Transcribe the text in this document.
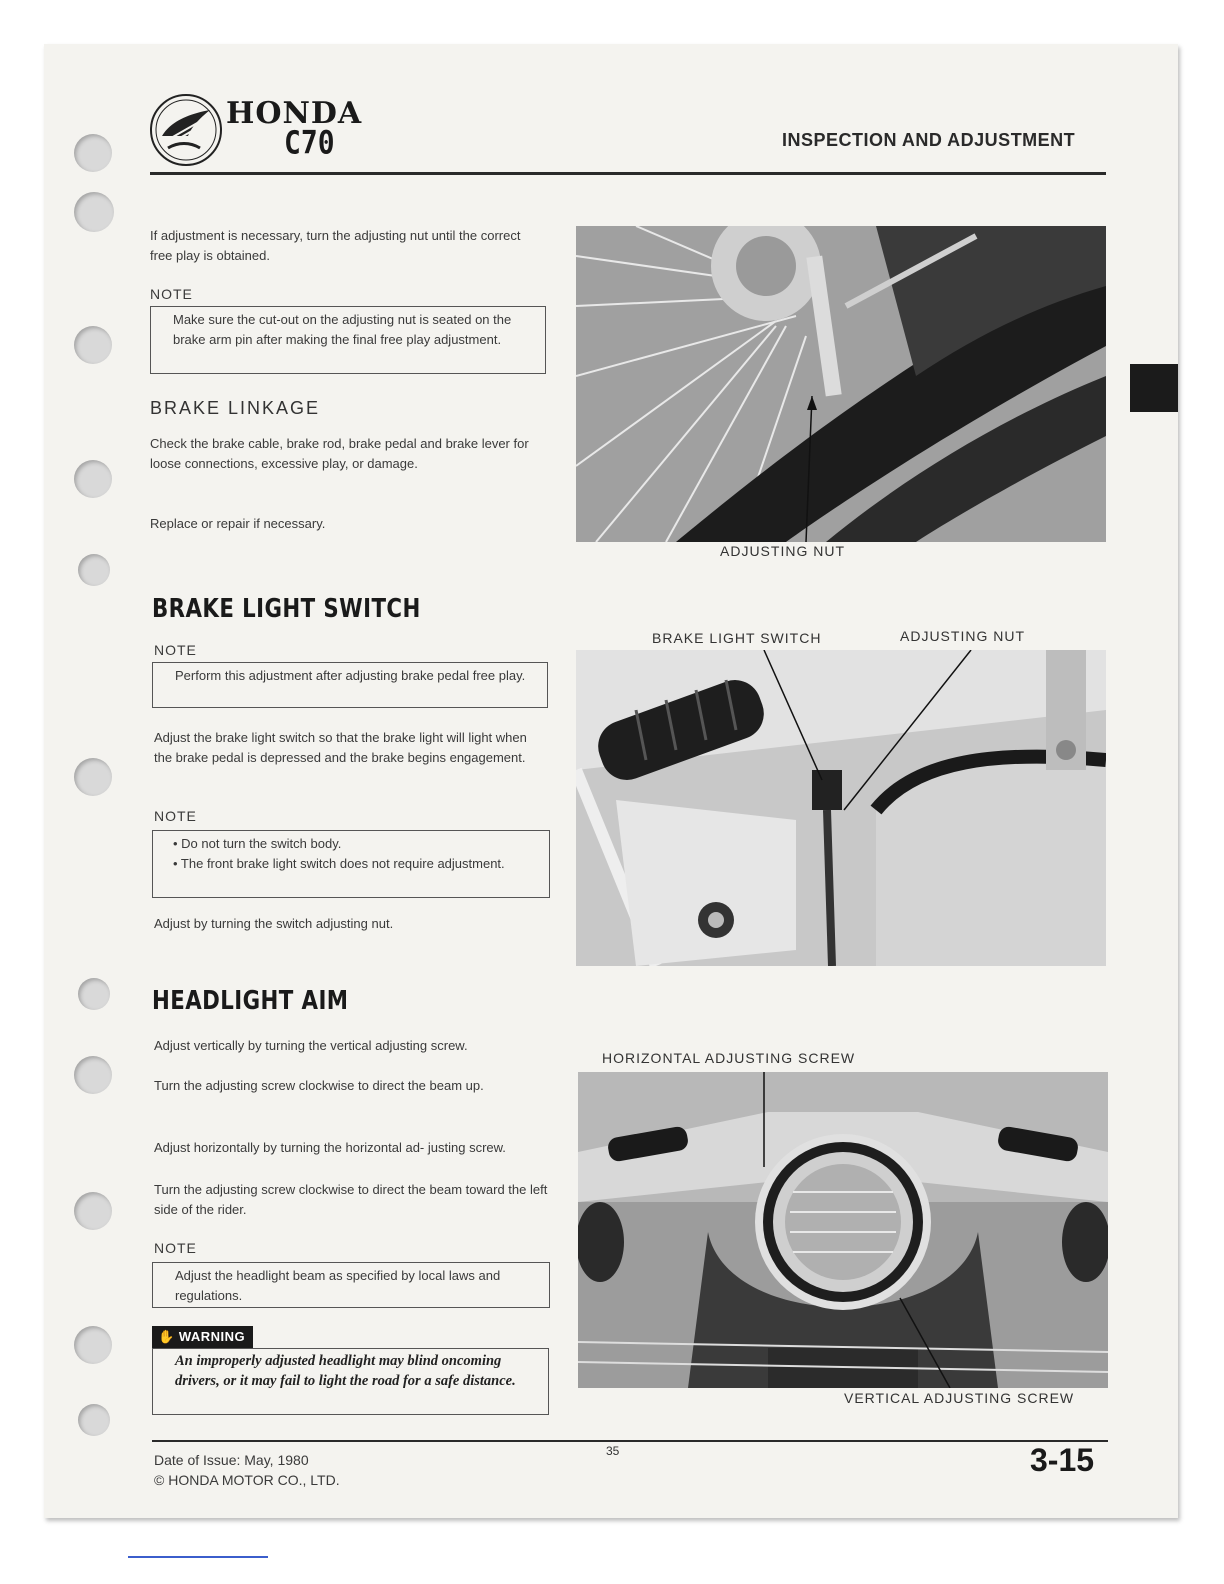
HONDA
C70	INSPECTION AND ADJUSTMENT
If adjustment is necessary, turn the adjusting nut until the correct free play is obtained.
NOTE
Make sure the cut-out on the adjusting nut is seated on the brake arm pin after making the final free play adjustment.
BRAKE LINKAGE
Check the brake cable, brake rod, brake pedal and brake lever for loose connections, excessive play, or damage.
Replace or repair if necessary.
ADJUSTING NUT
BRAKE LIGHT SWITCH
NOTE
Perform this adjustment after adjusting brake pedal free play.
Adjust the brake light switch so that the brake light will light when the brake pedal is depressed and the brake begins engagement.
NOTE
• Do not turn the switch body.
• The front brake light switch does not require adjustment.
Adjust by turning the switch adjusting nut.
BRAKE LIGHT SWITCH	ADJUSTING NUT
HEADLIGHT AIM
Adjust vertically by turning the vertical adjusting screw.
Turn the adjusting screw clockwise to direct the beam up.
Adjust horizontally by turning the horizontal ad- justing screw.
Turn the adjusting screw clockwise to direct the beam toward the left side of the rider.
NOTE
Adjust the headlight beam as specified by local laws and regulations.
✋ WARNING
An improperly adjusted headlight may blind oncoming drivers, or it may fail to light the road for a safe distance.
HORIZONTAL ADJUSTING SCREW
VERTICAL ADJUSTING SCREW
Date of Issue: May, 1980
© HONDA MOTOR CO., LTD.
35	3-15
